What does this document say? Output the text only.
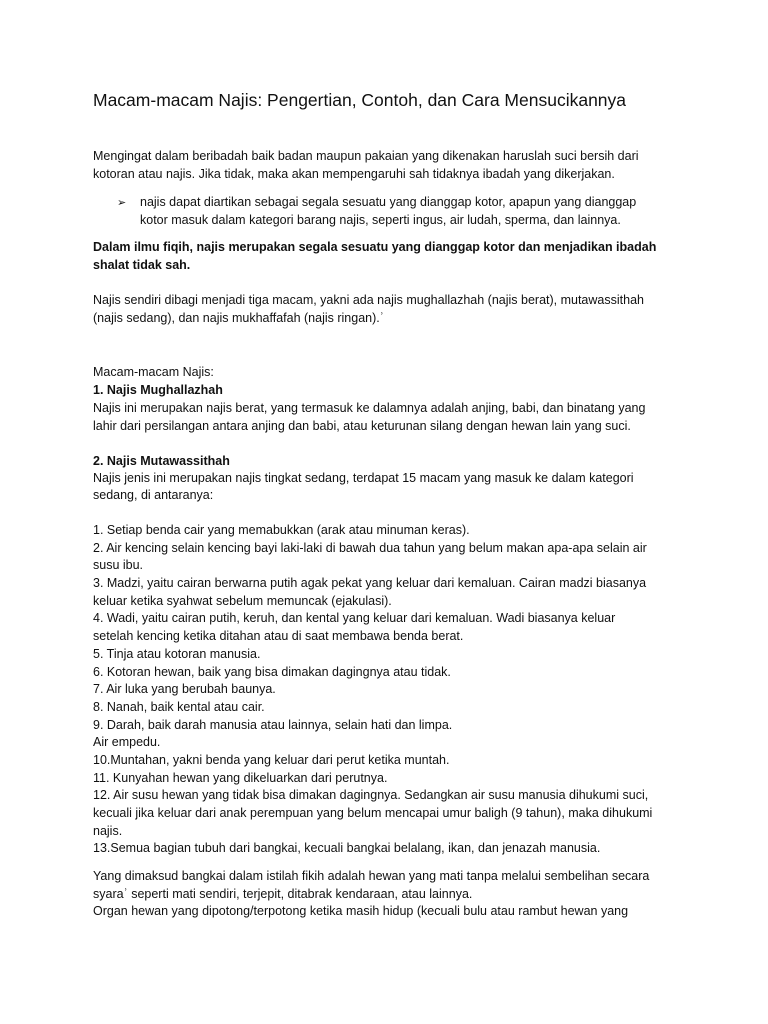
Macam-macam Najis: Pengertian, Contoh, dan Cara Mensucikannya
Mengingat dalam beribadah baik badan maupun pakaian yang dikenakan haruslah suci bersih dari
kotoran atau najis. Jika tidak, maka akan mempengaruhi sah tidaknya ibadah yang dikerjakan.
➢ najis dapat diartikan sebagai segala sesuatu yang dianggap kotor, apapun yang dianggap
kotor masuk dalam kategori barang najis, seperti ingus, air ludah, sperma, dan lainnya.
Dalam ilmu fiqih, najis merupakan segala sesuatu yang dianggap kotor dan menjadikan ibadah
shalat tidak sah.
Najis sendiri dibagi menjadi tiga macam, yakni ada najis mughallazhah (najis berat), mutawassithah
(najis sedang), dan najis mukhaffafah (najis ringan).ʾ
Macam-macam Najis:
1. Najis Mughallazhah
Najis ini merupakan najis berat, yang termasuk ke dalamnya adalah anjing, babi, dan binatang yang
lahir dari persilangan antara anjing dan babi, atau keturunan silang dengan hewan lain yang suci.
2. Najis Mutawassithah
Najis jenis ini merupakan najis tingkat sedang, terdapat 15 macam yang masuk ke dalam kategori
sedang, di antaranya:
1. Setiap benda cair yang memabukkan (arak atau minuman keras).
2. Air kencing selain kencing bayi laki-laki di bawah dua tahun yang belum makan apa-apa selain air
susu ibu.
3. Madzi, yaitu cairan berwarna putih agak pekat yang keluar dari kemaluan. Cairan madzi biasanya
keluar ketika syahwat sebelum memuncak (ejakulasi).
4. Wadi, yaitu cairan putih, keruh, dan kental yang keluar dari kemaluan. Wadi biasanya keluar
setelah kencing ketika ditahan atau di saat membawa benda berat.
5. Tinja atau kotoran manusia.
6. Kotoran hewan, baik yang bisa dimakan dagingnya atau tidak.
7. Air luka yang berubah baunya.
8. Nanah, baik kental atau cair.
9. Darah, baik darah manusia atau lainnya, selain hati dan limpa.
Air empedu.
10.Muntahan, yakni benda yang keluar dari perut ketika muntah.
11. Kunyahan hewan yang dikeluarkan dari perutnya.
12. Air susu hewan yang tidak bisa dimakan dagingnya. Sedangkan air susu manusia dihukumi suci,
kecuali jika keluar dari anak perempuan yang belum mencapai umur baligh (9 tahun), maka dihukumi
najis.
13.Semua bagian tubuh dari bangkai, kecuali bangkai belalang, ikan, dan jenazah manusia.
Yang dimaksud bangkai dalam istilah fikih adalah hewan yang mati tanpa melalui sembelihan secara
syaraʾ seperti mati sendiri, terjepit, ditabrak kendaraan, atau lainnya.
Organ hewan yang dipotong/terpotong ketika masih hidup (kecuali bulu atau rambut hewan yang
